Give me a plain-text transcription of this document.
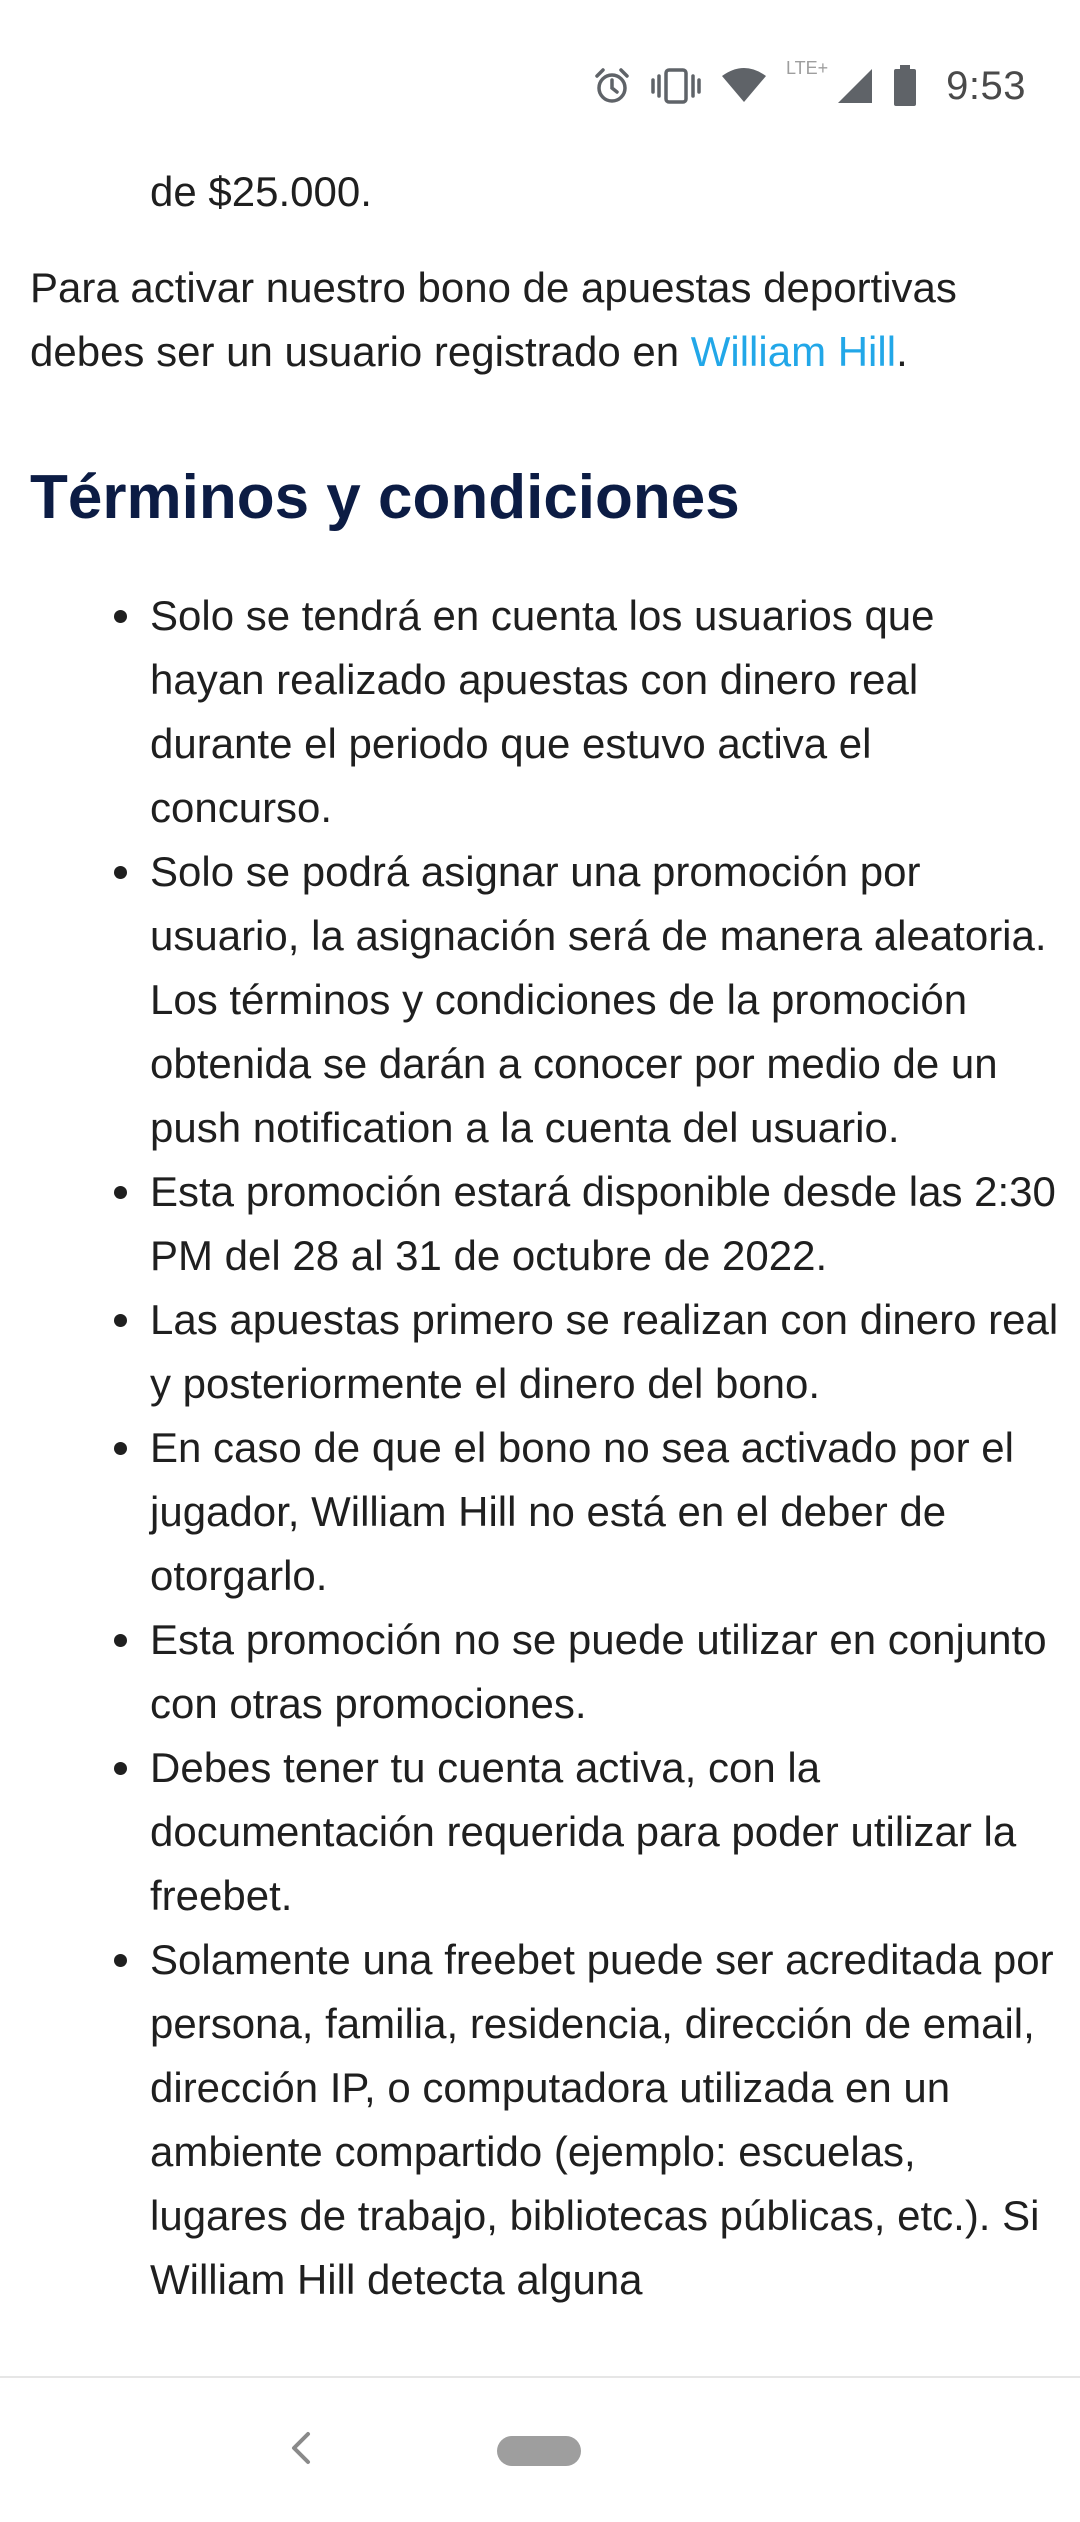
LTE+	9:53
de $25.000.

Para activar nuestro bono de apuestas deportivas debes ser un usuario registrado en William Hill.

Términos y condiciones
Solo se tendrá en cuenta los usuarios que hayan realizado apuestas con dinero real durante el periodo que estuvo activa el concurso.
Solo se podrá asignar una promoción por usuario, la asignación será de manera aleatoria. Los términos y condiciones de la promoción obtenida se darán a conocer por medio de un push notification a la cuenta del usuario.
Esta promoción estará disponible desde las 2:30 PM del 28 al 31 de octubre de 2022.
Las apuestas primero se realizan con dinero real y posteriormente el dinero del bono.
En caso de que el bono no sea activado por el jugador, William Hill no está en el deber de otorgarlo.
Esta promoción no se puede utilizar en conjunto con otras promociones.
Debes tener tu cuenta activa, con la documentación requerida para poder utilizar la freebet.
Solamente una freebet puede ser acreditada por persona, familia, residencia, dirección de email, dirección IP, o computadora utilizada en un ambiente compartido (ejemplo: escuelas, lugares de trabajo, bibliotecas públicas, etc.). Si William Hill detecta alguna
